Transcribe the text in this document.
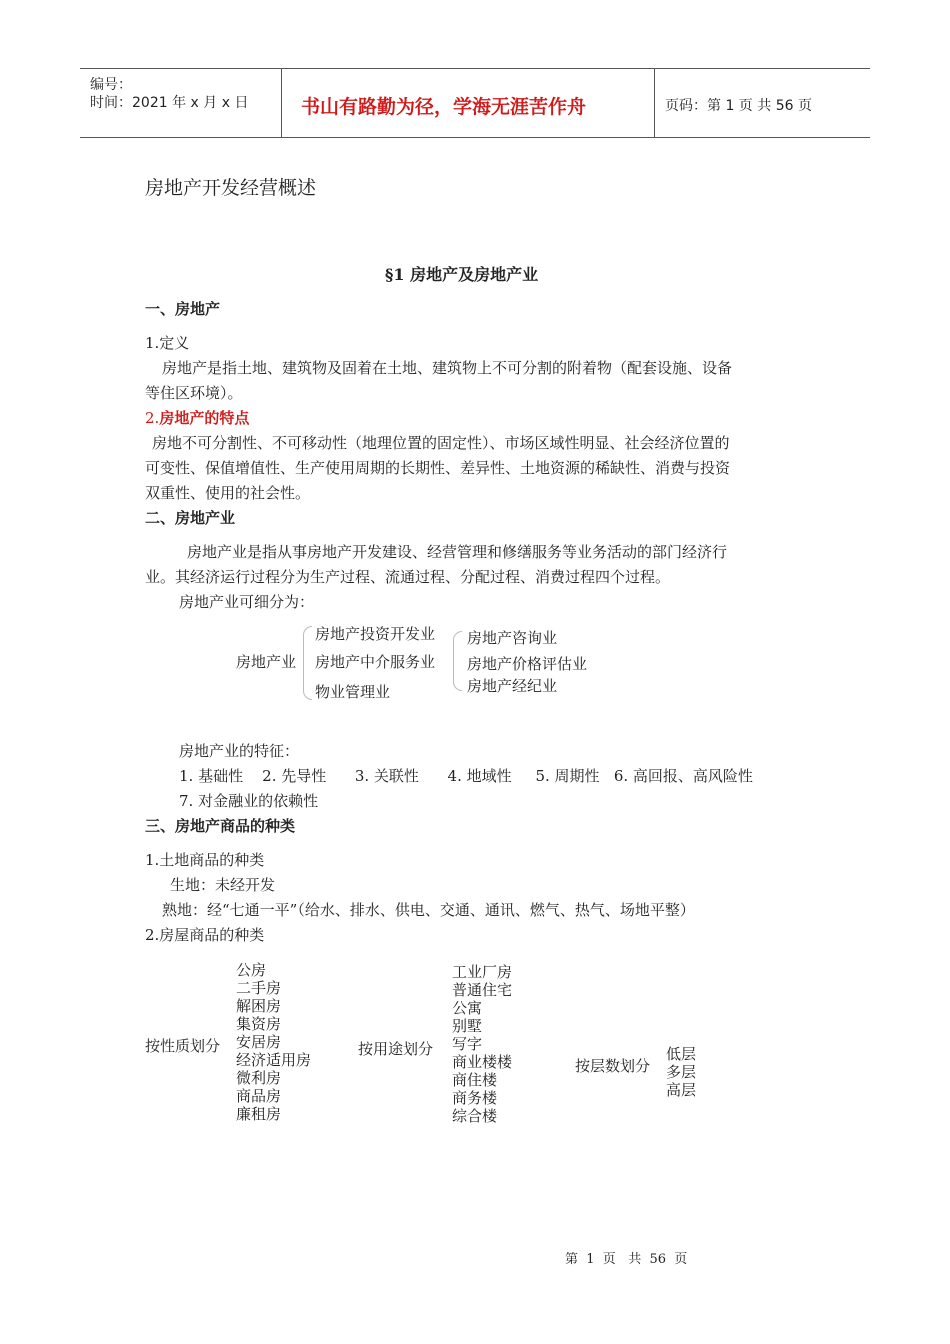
编号：
时间：2021 年 x 月 x 日	书山有路勤为径，学海无涯苦作舟	页码：第 1 页 共 56 页
房地产开发经营概述
§1 房地产及房地产业
一、房地产
1.定义
房地产是指土地、建筑物及固着在土地、建筑物上不可分割的附着物（配套设施、设备
等住区环境）。
2.房地产的特点
房地不可分割性、不可移动性（地理位置的固定性）、市场区域性明显、社会经济位置的
可变性、保值增值性、生产使用周期的长期性、差异性、土地资源的稀缺性、消费与投资
双重性、使用的社会性。
二、房地产业
房地产业是指从事房地产开发建设、经营管理和修缮服务等业务活动的部门经济行
业。其经济运行过程分为生产过程、流通过程、分配过程、消费过程四个过程。
房地产业可细分为：
房地产业
房地产投资开发业
房地产中介服务业
物业管理业
房地产咨询业
房地产价格评估业
房地产经纪业
房地产业的特征：
1. 基础性    2. 先导性      3. 关联性      4. 地域性     5. 周期性   6. 高回报、高风险性
7. 对金融业的依赖性
三、房地产商品的种类
1.土地商品的种类
生地：未经开发
熟地：经“七通一平”（给水、排水、供电、交通、通讯、燃气、热气、场地平整）
2.房屋商品的种类
按性质划分
公房
二手房
解困房
集资房
安居房
经济适用房
微利房
商品房
廉租房
按用途划分
工业厂房
普通住宅
公寓
别墅
写字
商业楼楼
商住楼
商务楼
综合楼
按层数划分
低层
多层
高层
第  1  页   共  56  页
